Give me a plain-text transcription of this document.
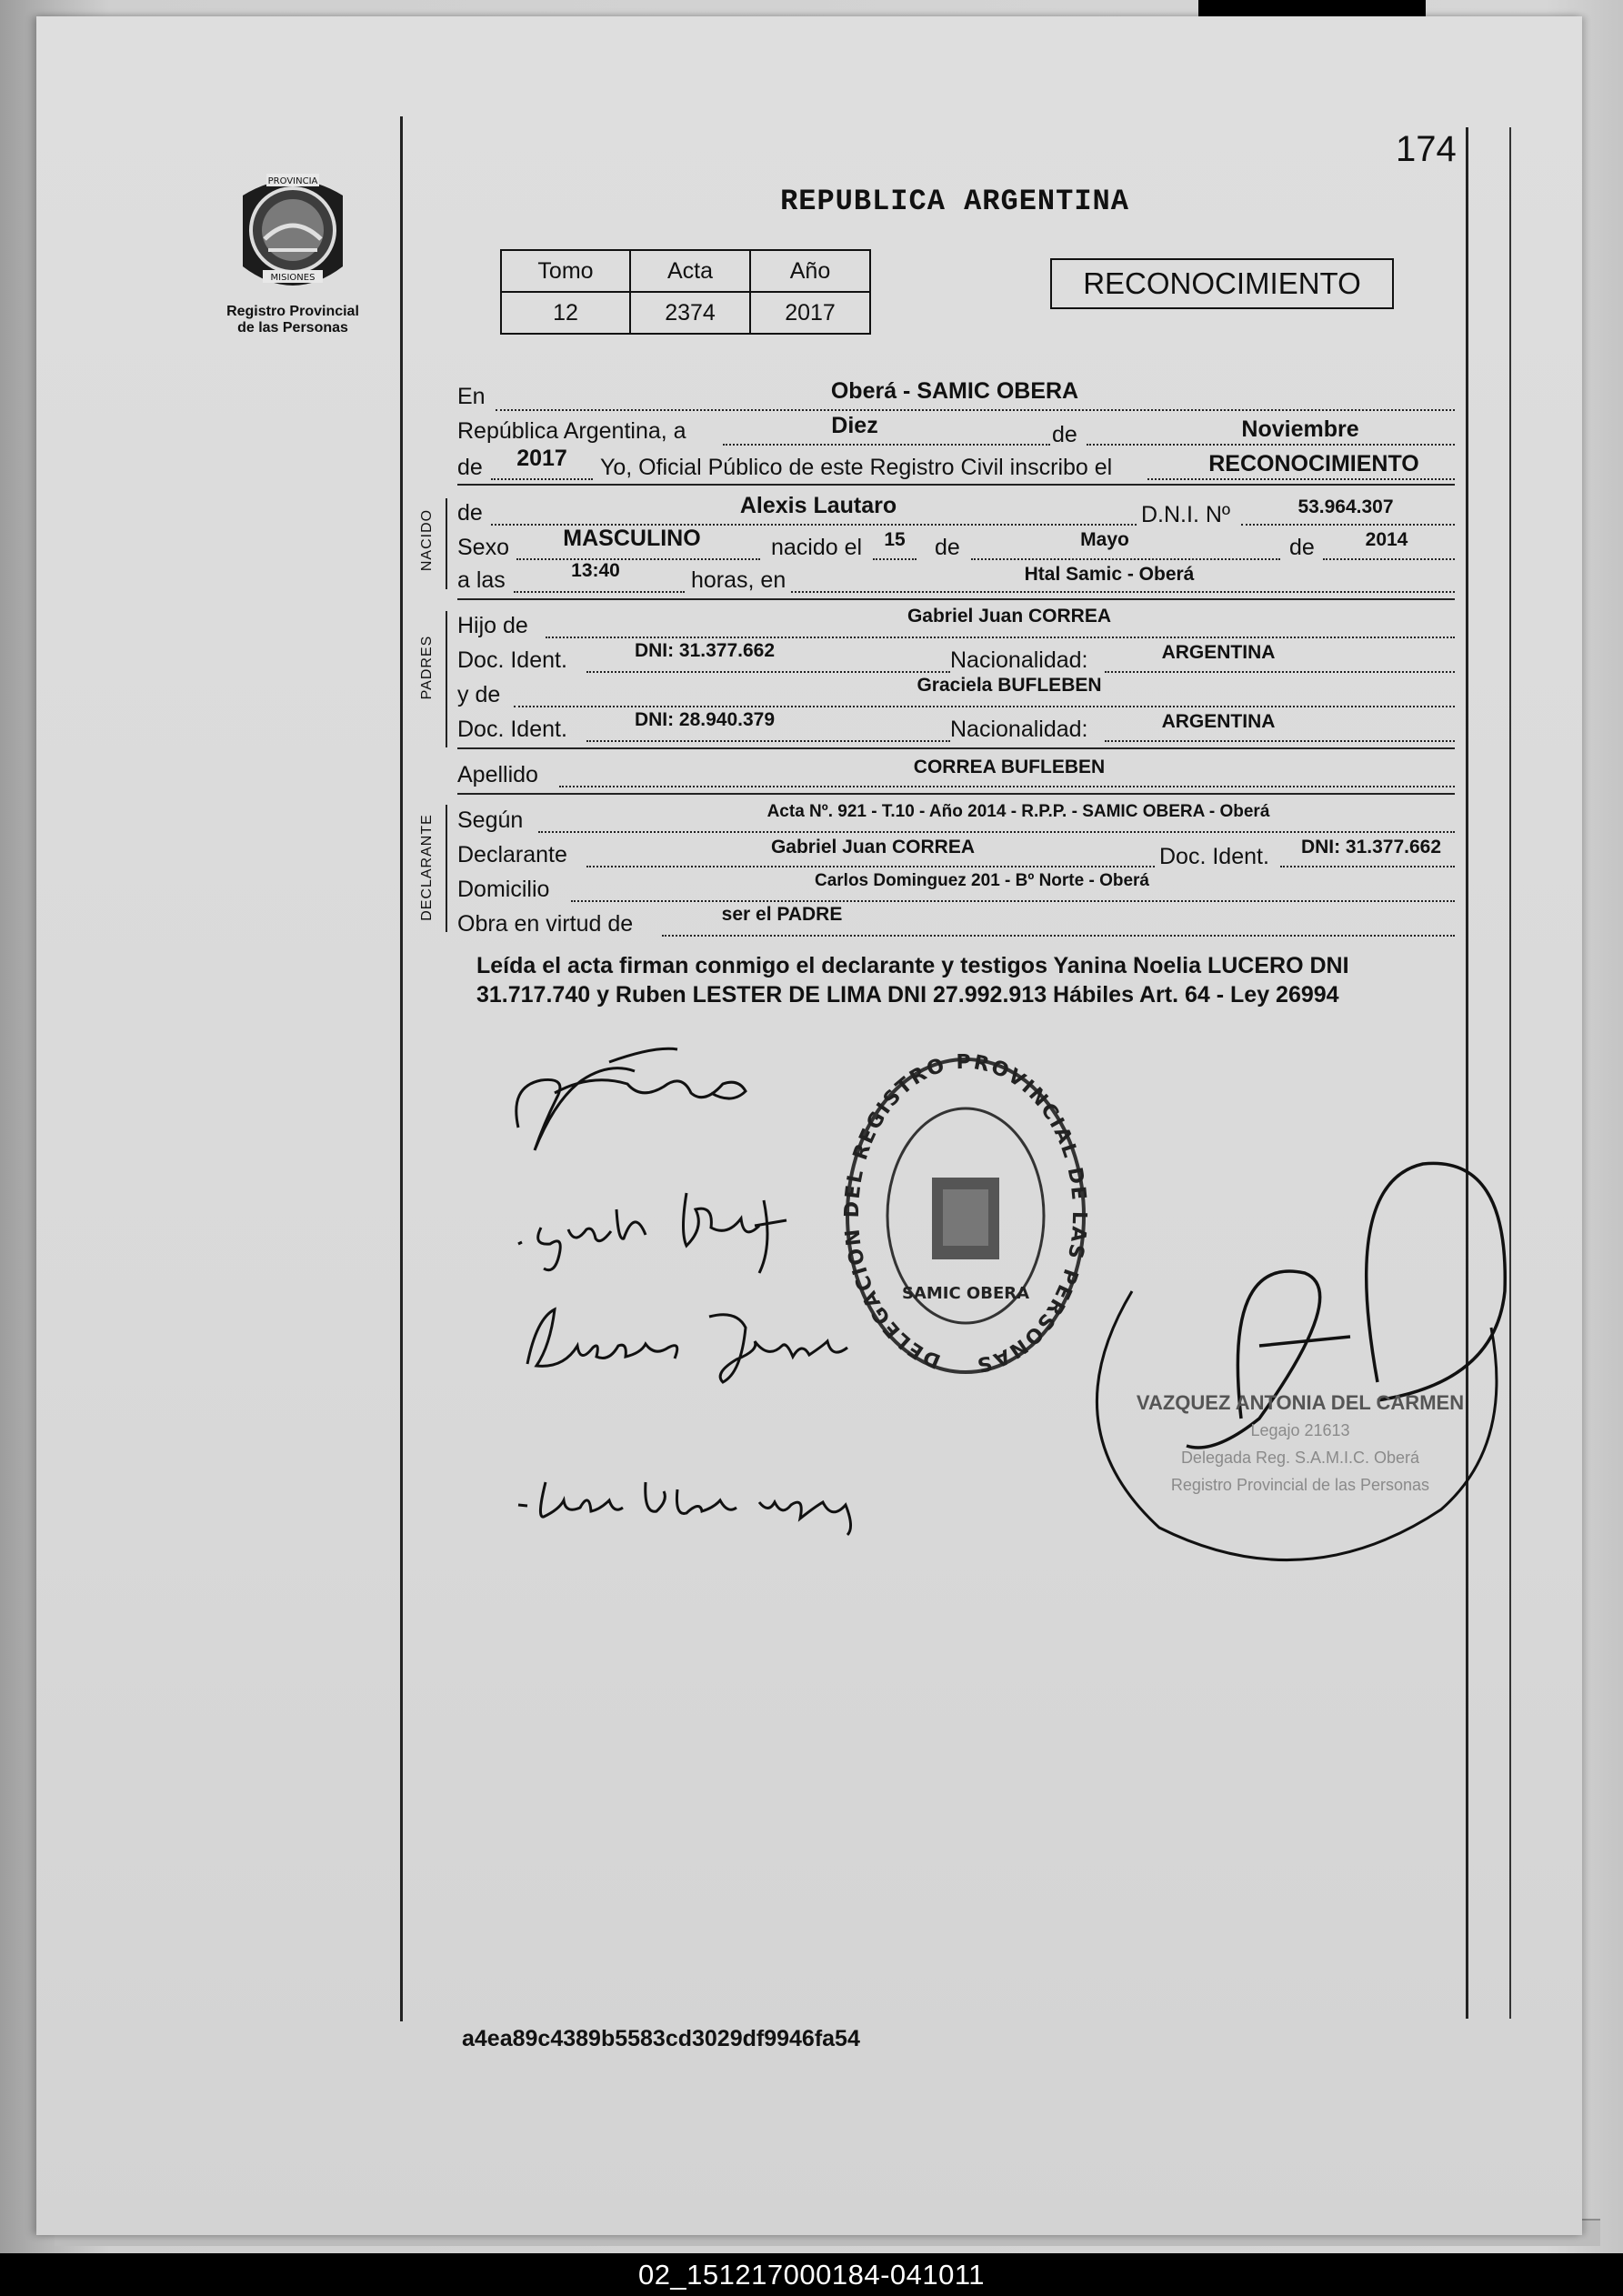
174
PROVINCIA
MISIONES
Registro Provincial
de las Personas
REPUBLICA ARGENTINA
Tomo	Acta	Año
12	2374	2017
RECONOCIMIENTO
En	Oberá - SAMIC OBERA
República Argentina, a	Diez	de	Noviembre
de	2017	Yo, Oficial Público de este Registro Civil inscribo el	RECONOCIMIENTO
NACIDO de	Alexis Lautaro	D.N.I. Nº	53.964.307
Sexo	MASCULINO	nacido el	15	de	Mayo	de	2014
a las	13:40	horas, en	Htal Samic - Oberá
PADRES
Hijo de	Gabriel Juan CORREA
Doc. Ident.	DNI: 31.377.662	Nacionalidad:	ARGENTINA
y de	Graciela BUFLEBEN
Doc. Ident.	DNI: 28.940.379	Nacionalidad:	ARGENTINA
Apellido	CORREA BUFLEBEN
DECLARANTE Según	Acta Nº. 921 - T.10 - Año 2014 - R.P.P. - SAMIC OBERA - Oberá
Declarante	Gabriel Juan CORREA	Doc. Ident.	DNI: 31.377.662
Domicilio	Carlos Dominguez 201 - Bº Norte - Oberá
Obra en virtud de	ser el PADRE
Leída el acta firman conmigo el declarante y testigos Yanina Noelia LUCERO DNI 31.717.740 y Ruben LESTER DE LIMA DNI 27.992.913 Hábiles Art. 64 - Ley 26994
DELEGACION DEL REGISTRO PROVINCIAL DE LAS PERSONAS
SAMIC OBERA
VAZQUEZ ANTONIA DEL CARMEN
Legajo 21613
Delegada Reg. S.A.M.I.C. Oberá
Registro Provincial de las Personas
a4ea89c4389b5583cd3029df9946fa54
02_151217000184-041011
